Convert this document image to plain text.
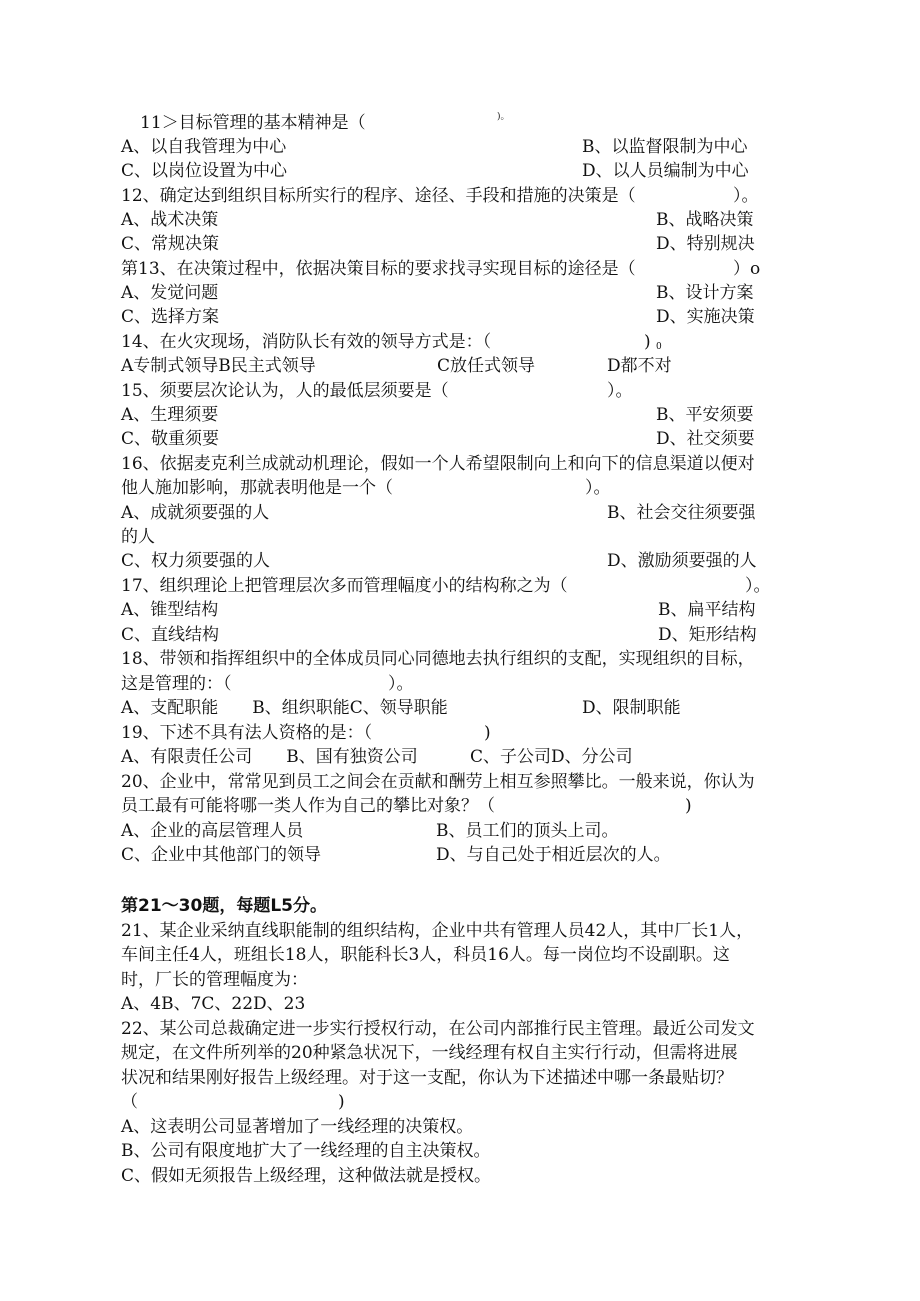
11＞目标管理的基本精神是（	)。
A、以自我管理为中心	B、以监督限制为中心
C、以岗位设置为中心	D、以人员编制为中心
12、确定达到组织目标所实行的程序、途径、手段和措施的决策是（	）。
A、战术决策	B、战略决策
C、常规决策	D、特别规决
第13、在决策过程中，依据决策目标的要求找寻实现目标的途径是（	）o
A、发觉问题	B、设计方案
C、选择方案	D、实施决策
14、在火灾现场，消防队长有效的领导方式是：（	) 0
A专制式领导B民主式领导	C放任式领导	D都不对
15、须要层次论认为，人的最低层须要是（	）。
A、生理须要	B、平安须要
C、敬重须要	D、社交须要
16、依据麦克利兰成就动机理论，假如一个人希望限制向上和向下的信息渠道以便对
他人施加影响，那就表明他是一个（	）。
A、成就须要强的人	B、社会交往须要强
的人
C、权力须要强的人	D、激励须要强的人
17、组织理论上把管理层次多而管理幅度小的结构称之为（	）。
A、锥型结构	B、扁平结构
C、直线结构	D、矩形结构
18、带领和指挥组织中的全体成员同心同德地去执行组织的支配，实现组织的目标，
这是管理的：（	）。
A、支配职能　　B、组织职能C、领导职能	D、限制职能
19、下述不具有法人资格的是：（	)
A、有限责任公司　　B、国有独资公司	C、子公司D、分公司
20、企业中，常常见到员工之间会在贡献和酬劳上相互参照攀比。一般来说，你认为
员工最有可能将哪一类人作为自己的攀比对象？（	)
A、企业的高层管理人员	B、员工们的顶头上司。
C、企业中其他部门的领导	D、与自己处于相近层次的人。
第21～30题，每题L5分。
21、某企业采纳直线职能制的组织结构，企业中共有管理人员42人，其中厂长1人，
车间主任4人，班组长18人，职能科长3人，科员16人。每一岗位均不设副职。这
时，厂长的管理幅度为：
A、4B、7C、22D、23
22、某公司总裁确定进一步实行授权行动，在公司内部推行民主管理。最近公司发文
规定，在文件所列举的20种紧急状况下，一线经理有权自主实行行动，但需将进展
状况和结果刚好报告上级经理。对于这一支配，你认为下述描述中哪一条最贴切？
（	)
A、这表明公司显著增加了一线经理的决策权。
B、公司有限度地扩大了一线经理的自主决策权。
C、假如无须报告上级经理，这种做法就是授权。
